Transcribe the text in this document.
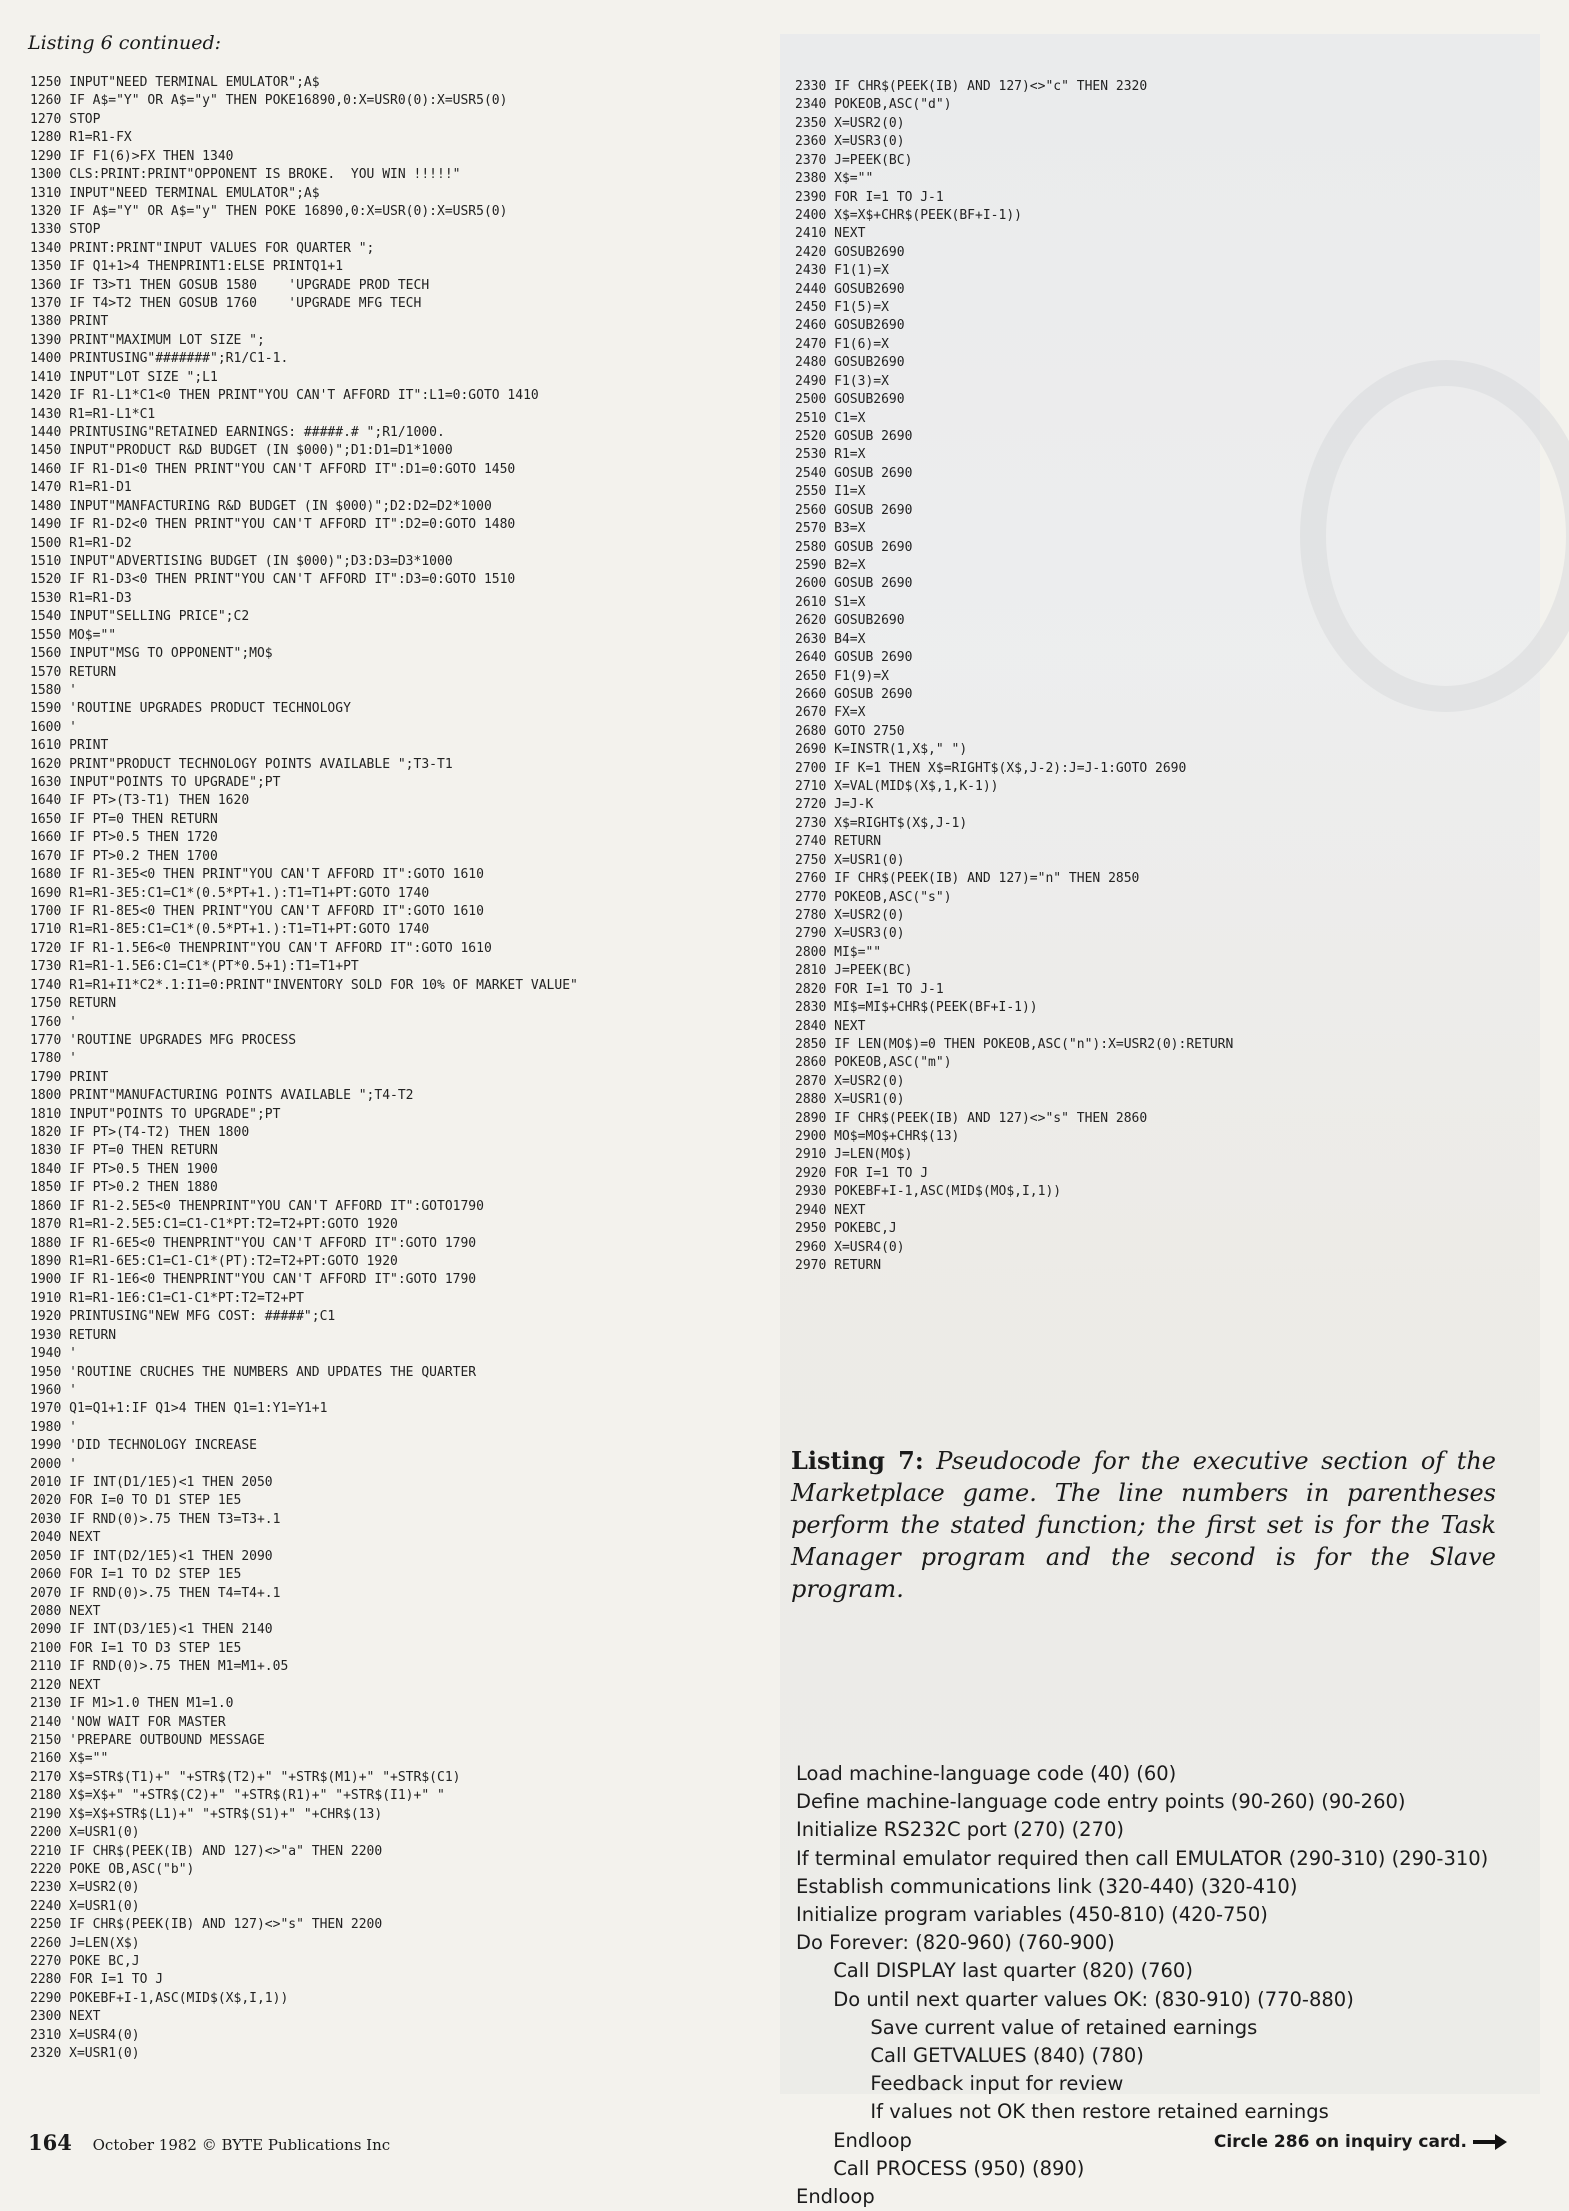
Listing 6 continued:
1250 INPUT"NEED TERMINAL EMULATOR";A$
1260 IF A$="Y" OR A$="y" THEN POKE16890,0:X=USR0(0):X=USR5(0)
1270 STOP
1280 R1=R1-FX
1290 IF F1(6)>FX THEN 1340
1300 CLS:PRINT:PRINT"OPPONENT IS BROKE.  YOU WIN !!!!!"
1310 INPUT"NEED TERMINAL EMULATOR";A$
1320 IF A$="Y" OR A$="y" THEN POKE 16890,0:X=USR(0):X=USR5(0)
1330 STOP
1340 PRINT:PRINT"INPUT VALUES FOR QUARTER ";
1350 IF Q1+1>4 THENPRINT1:ELSE PRINTQ1+1
1360 IF T3>T1 THEN GOSUB 1580    'UPGRADE PROD TECH
1370 IF T4>T2 THEN GOSUB 1760    'UPGRADE MFG TECH
1380 PRINT
1390 PRINT"MAXIMUM LOT SIZE ";
1400 PRINTUSING"#######";R1/C1-1.
1410 INPUT"LOT SIZE ";L1
1420 IF R1-L1*C1<0 THEN PRINT"YOU CAN'T AFFORD IT":L1=0:GOTO 1410
1430 R1=R1-L1*C1
1440 PRINTUSING"RETAINED EARNINGS: #####.# ";R1/1000.
1450 INPUT"PRODUCT R&D BUDGET (IN $000)";D1:D1=D1*1000
1460 IF R1-D1<0 THEN PRINT"YOU CAN'T AFFORD IT":D1=0:GOTO 1450
1470 R1=R1-D1
1480 INPUT"MANFACTURING R&D BUDGET (IN $000)";D2:D2=D2*1000
1490 IF R1-D2<0 THEN PRINT"YOU CAN'T AFFORD IT":D2=0:GOTO 1480
1500 R1=R1-D2
1510 INPUT"ADVERTISING BUDGET (IN $000)";D3:D3=D3*1000
1520 IF R1-D3<0 THEN PRINT"YOU CAN'T AFFORD IT":D3=0:GOTO 1510
1530 R1=R1-D3
1540 INPUT"SELLING PRICE";C2
1550 MO$=""
1560 INPUT"MSG TO OPPONENT";MO$
1570 RETURN
1580 '
1590 'ROUTINE UPGRADES PRODUCT TECHNOLOGY
1600 '
1610 PRINT
1620 PRINT"PRODUCT TECHNOLOGY POINTS AVAILABLE ";T3-T1
1630 INPUT"POINTS TO UPGRADE";PT
1640 IF PT>(T3-T1) THEN 1620
1650 IF PT=0 THEN RETURN
1660 IF PT>0.5 THEN 1720
1670 IF PT>0.2 THEN 1700
1680 IF R1-3E5<0 THEN PRINT"YOU CAN'T AFFORD IT":GOTO 1610
1690 R1=R1-3E5:C1=C1*(0.5*PT+1.):T1=T1+PT:GOTO 1740
1700 IF R1-8E5<0 THEN PRINT"YOU CAN'T AFFORD IT":GOTO 1610
1710 R1=R1-8E5:C1=C1*(0.5*PT+1.):T1=T1+PT:GOTO 1740
1720 IF R1-1.5E6<0 THENPRINT"YOU CAN'T AFFORD IT":GOTO 1610
1730 R1=R1-1.5E6:C1=C1*(PT*0.5+1):T1=T1+PT
1740 R1=R1+I1*C2*.1:I1=0:PRINT"INVENTORY SOLD FOR 10% OF MARKET VALUE"
1750 RETURN
1760 '
1770 'ROUTINE UPGRADES MFG PROCESS
1780 '
1790 PRINT
1800 PRINT"MANUFACTURING POINTS AVAILABLE ";T4-T2
1810 INPUT"POINTS TO UPGRADE";PT
1820 IF PT>(T4-T2) THEN 1800
1830 IF PT=0 THEN RETURN
1840 IF PT>0.5 THEN 1900
1850 IF PT>0.2 THEN 1880
1860 IF R1-2.5E5<0 THENPRINT"YOU CAN'T AFFORD IT":GOTO1790
1870 R1=R1-2.5E5:C1=C1-C1*PT:T2=T2+PT:GOTO 1920
1880 IF R1-6E5<0 THENPRINT"YOU CAN'T AFFORD IT":GOTO 1790
1890 R1=R1-6E5:C1=C1-C1*(PT):T2=T2+PT:GOTO 1920
1900 IF R1-1E6<0 THENPRINT"YOU CAN'T AFFORD IT":GOTO 1790
1910 R1=R1-1E6:C1=C1-C1*PT:T2=T2+PT
1920 PRINTUSING"NEW MFG COST: #####";C1
1930 RETURN
1940 '
1950 'ROUTINE CRUCHES THE NUMBERS AND UPDATES THE QUARTER
1960 '
1970 Q1=Q1+1:IF Q1>4 THEN Q1=1:Y1=Y1+1
1980 '
1990 'DID TECHNOLOGY INCREASE
2000 '
2010 IF INT(D1/1E5)<1 THEN 2050
2020 FOR I=0 TO D1 STEP 1E5
2030 IF RND(0)>.75 THEN T3=T3+.1
2040 NEXT
2050 IF INT(D2/1E5)<1 THEN 2090
2060 FOR I=1 TO D2 STEP 1E5
2070 IF RND(0)>.75 THEN T4=T4+.1
2080 NEXT
2090 IF INT(D3/1E5)<1 THEN 2140
2100 FOR I=1 TO D3 STEP 1E5
2110 IF RND(0)>.75 THEN M1=M1+.05
2120 NEXT
2130 IF M1>1.0 THEN M1=1.0
2140 'NOW WAIT FOR MASTER
2150 'PREPARE OUTBOUND MESSAGE
2160 X$=""
2170 X$=STR$(T1)+" "+STR$(T2)+" "+STR$(M1)+" "+STR$(C1)
2180 X$=X$+" "+STR$(C2)+" "+STR$(R1)+" "+STR$(I1)+" "
2190 X$=X$+STR$(L1)+" "+STR$(S1)+" "+CHR$(13)
2200 X=USR1(0)
2210 IF CHR$(PEEK(IB) AND 127)<>"a" THEN 2200
2220 POKE OB,ASC("b")
2230 X=USR2(0)
2240 X=USR1(0)
2250 IF CHR$(PEEK(IB) AND 127)<>"s" THEN 2200
2260 J=LEN(X$)
2270 POKE BC,J
2280 FOR I=1 TO J
2290 POKEBF+I-1,ASC(MID$(X$,I,1))
2300 NEXT
2310 X=USR4(0)
2320 X=USR1(0)
2330 IF CHR$(PEEK(IB) AND 127)<>"c" THEN 2320
2340 POKEOB,ASC("d")
2350 X=USR2(0)
2360 X=USR3(0)
2370 J=PEEK(BC)
2380 X$=""
2390 FOR I=1 TO J-1
2400 X$=X$+CHR$(PEEK(BF+I-1))
2410 NEXT
2420 GOSUB2690
2430 F1(1)=X
2440 GOSUB2690
2450 F1(5)=X
2460 GOSUB2690
2470 F1(6)=X
2480 GOSUB2690
2490 F1(3)=X
2500 GOSUB2690
2510 C1=X
2520 GOSUB 2690
2530 R1=X
2540 GOSUB 2690
2550 I1=X
2560 GOSUB 2690
2570 B3=X
2580 GOSUB 2690
2590 B2=X
2600 GOSUB 2690
2610 S1=X
2620 GOSUB2690
2630 B4=X
2640 GOSUB 2690
2650 F1(9)=X
2660 GOSUB 2690
2670 FX=X
2680 GOTO 2750
2690 K=INSTR(1,X$," ")
2700 IF K=1 THEN X$=RIGHT$(X$,J-2):J=J-1:GOTO 2690
2710 X=VAL(MID$(X$,1,K-1))
2720 J=J-K
2730 X$=RIGHT$(X$,J-1)
2740 RETURN
2750 X=USR1(0)
2760 IF CHR$(PEEK(IB) AND 127)="n" THEN 2850
2770 POKEOB,ASC("s")
2780 X=USR2(0)
2790 X=USR3(0)
2800 MI$=""
2810 J=PEEK(BC)
2820 FOR I=1 TO J-1
2830 MI$=MI$+CHR$(PEEK(BF+I-1))
2840 NEXT
2850 IF LEN(MO$)=0 THEN POKEOB,ASC("n"):X=USR2(0):RETURN
2860 POKEOB,ASC("m")
2870 X=USR2(0)
2880 X=USR1(0)
2890 IF CHR$(PEEK(IB) AND 127)<>"s" THEN 2860
2900 MO$=MO$+CHR$(13)
2910 J=LEN(MO$)
2920 FOR I=1 TO J
2930 POKEBF+I-1,ASC(MID$(MO$,I,1))
2940 NEXT
2950 POKEBC,J
2960 X=USR4(0)
2970 RETURN
Listing 7: Pseudocode for the executive section of the Marketplace game. The line numbers in parentheses perform the stated function; the first set is for the Task Manager program and the second is for the Slave program.
Load machine-language code (40) (60)
Define machine-language code entry points (90-260) (90-260)
Initialize RS232C port (270) (270)
If terminal emulator required then call EMULATOR (290-310) (290-310)
Establish communications link (320-440) (320-410)
Initialize program variables (450-810) (420-750)
Do Forever: (820-960) (760-900)
Call DISPLAY last quarter (820) (760)
Do until next quarter values OK: (830-910) (770-880)
Save current value of retained earnings
Call GETVALUES (840) (780)
Feedback input for review
If values not OK then restore retained earnings
Endloop
Call PROCESS (950) (890)
Endloop
164 October 1982 © BYTE Publications Inc	Circle 286 on inquiry card.
